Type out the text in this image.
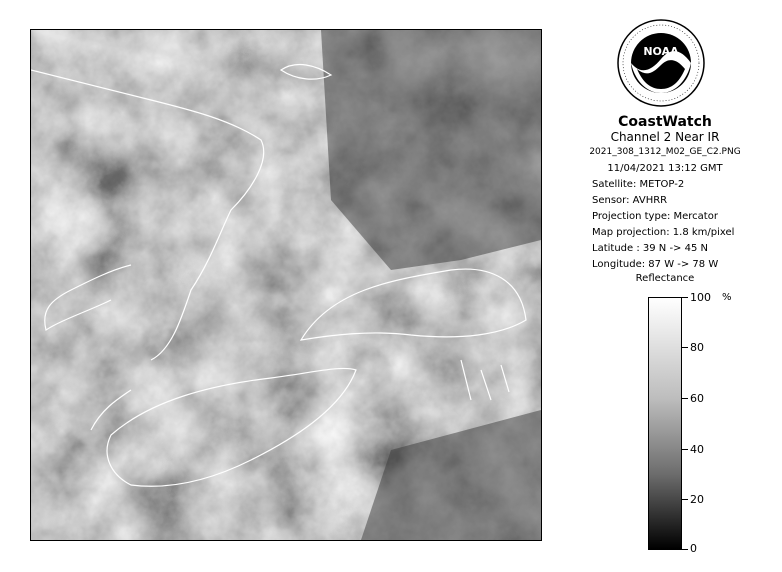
NOAA
CoastWatch
Channel 2 Near IR
2021_308_1312_M02_GE_C2.PNG
11/04/2021 13:12 GMT
Satellite: METOP-2
Sensor: AVHRR
Projection type: Mercator
Map projection: 1.8 km/pixel
Latitude : 39 N -> 45 N
Longitude: 87 W -> 78 W
Reflectance
%
100
80
60
40
20
0
